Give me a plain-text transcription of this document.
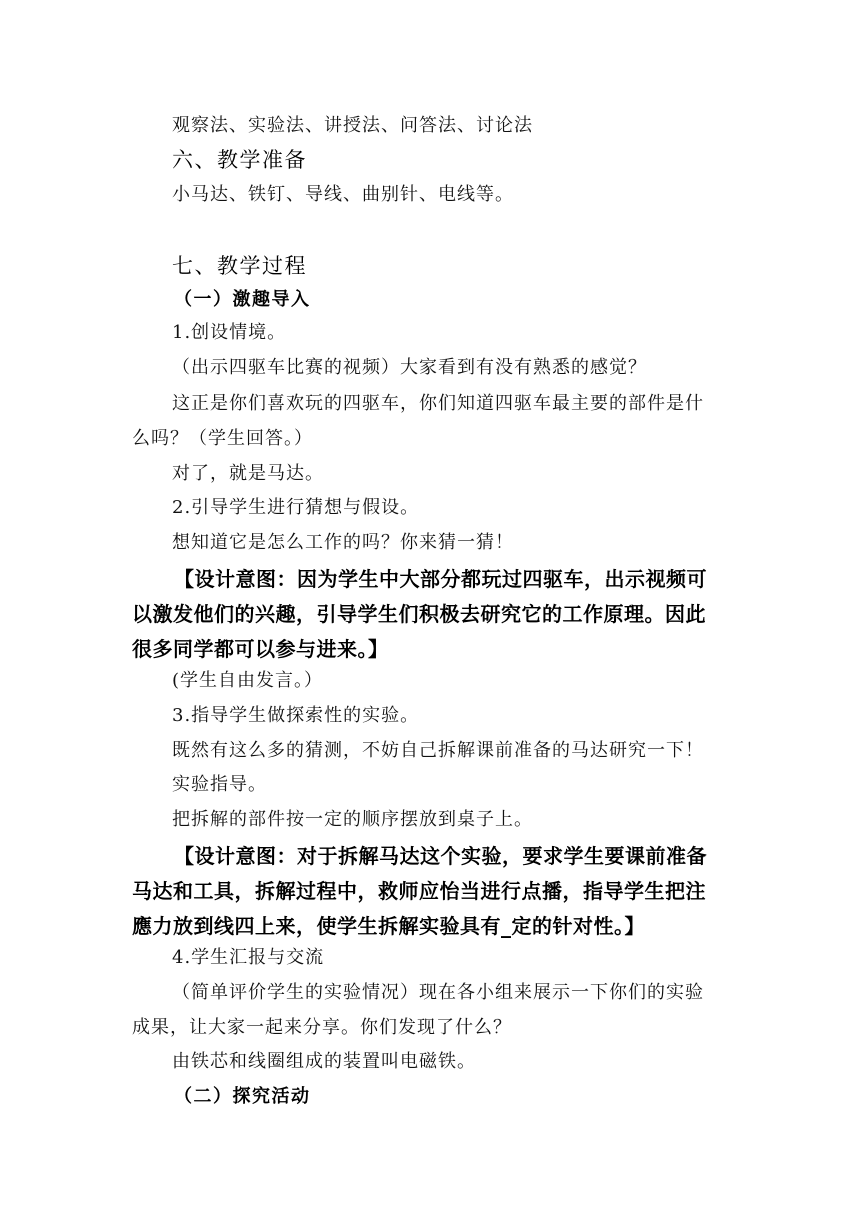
观察法、实验法、讲授法、问答法、讨论法
六、教学准备
小马达、铁钉、导线、曲别针、电线等。
七、教学过程
（一）激趣导入
1.创设情境。
（出示四驱车比赛的视频）大家看到有没有熟悉的感觉？
这正是你们喜欢玩的四驱车，你们知道四驱车最主要的部件是什
么吗？（学生回答。）
对了，就是马达。
2.引导学生进行猜想与假设。
想知道它是怎么工作的吗？你来猜一猜！
【设计意图：因为学生中大部分都玩过四驱车，出示视频可
以激发他们的兴趣，引导学生们积极去研究它的工作原理。因此
很多同学都可以参与进来。】
(学生自由发言。）
3.指导学生做探索性的实验。
既然有这么多的猜测，不妨自己拆解课前准备的马达研究一下！
实验指导。
把拆解的部件按一定的顺序摆放到桌子上。
【设计意图：对于拆解马达这个实验，要求学生要课前准备
马达和工具，拆解过程中，救师应怡当进行点播，指导学生把注
應力放到线四上来，使学生拆解实验具有_定的针对性。】
4.学生汇报与交流
（简单评价学生的实验情况）现在各小组来展示一下你们的实验
成果，让大家一起来分享。你们发现了什么？
由铁芯和线圈组成的装置叫电磁铁。
（二）探究活动
